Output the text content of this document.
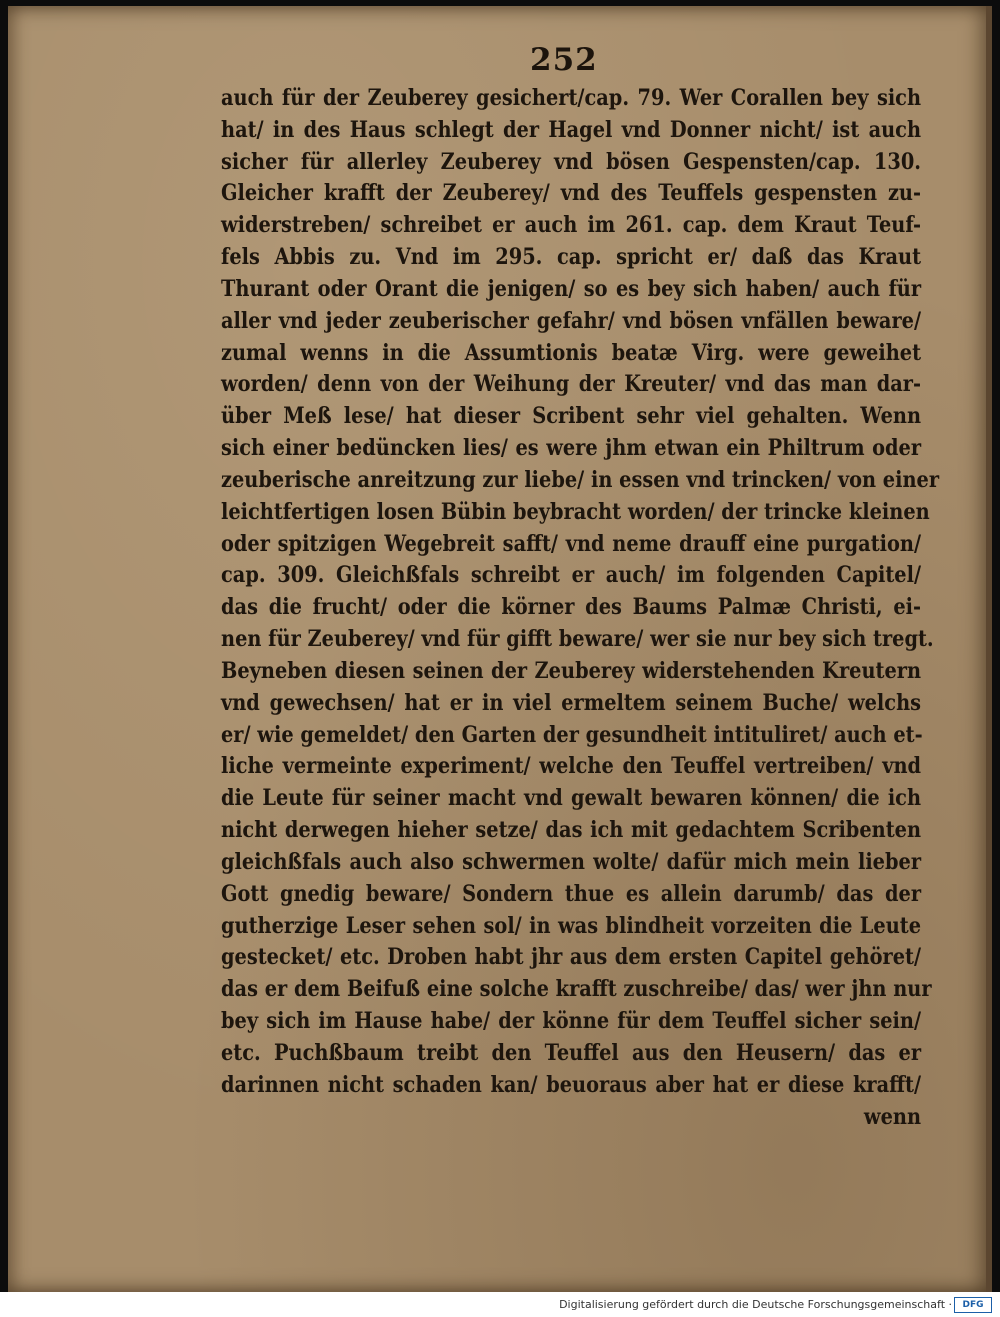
252
auch für der Zeuberey gesichert/cap. 79. Wer Corallen bey sich
hat/ in des Haus schlegt der Hagel vnd Donner nicht/ ist auch
sicher für allerley Zeuberey vnd bösen Gespensten/cap. 130.
Gleicher krafft der Zeuberey/ vnd des Teuffels gespensten zu-
widerstreben/ schreibet er auch im 261. cap. dem Kraut Teuf-
fels Abbis zu. Vnd im 295. cap. spricht er/ daß das Kraut
Thurant oder Orant die jenigen/ so es bey sich haben/ auch für
aller vnd jeder zeuberischer gefahr/ vnd bösen vnfällen beware/
zumal wenns in die Assumtionis beatæ Virg. were geweihet
worden/ denn von der Weihung der Kreuter/ vnd das man dar-
über Meß lese/ hat dieser Scribent sehr viel gehalten. Wenn
sich einer bedüncken lies/ es were jhm etwan ein Philtrum oder
zeuberische anreitzung zur liebe/ in essen vnd trincken/ von einer
leichtfertigen losen Bübin beybracht worden/ der trincke kleinen
oder spitzigen Wegebreit safft/ vnd neme drauff eine purgation/
cap. 309. Gleichßfals schreibt er auch/ im folgenden Capitel/
das die frucht/ oder die körner des Baums Palmæ Christi, ei-
nen für Zeuberey/ vnd für gifft beware/ wer sie nur bey sich tregt.
Beyneben diesen seinen der Zeuberey widerstehenden Kreutern
vnd gewechsen/ hat er in viel ermeltem seinem Buche/ welchs
er/ wie gemeldet/ den Garten der gesundheit intituliret/ auch et-
liche vermeinte experiment/ welche den Teuffel vertreiben/ vnd
die Leute für seiner macht vnd gewalt bewaren können/ die ich
nicht derwegen hieher setze/ das ich mit gedachtem Scribenten
gleichßfals auch also schwermen wolte/ dafür mich mein lieber
Gott gnedig beware/ Sondern thue es allein darumb/ das der
gutherzige Leser sehen sol/ in was blindheit vorzeiten die Leute
gestecket/ etc. Droben habt jhr aus dem ersten Capitel gehöret/
das er dem Beifuß eine solche krafft zuschreibe/ das/ wer jhn nur
bey sich im Hause habe/ der könne für dem Teuffel sicher sein/
etc. Puchßbaum treibt den Teuffel aus den Heusern/ das er
darinnen nicht schaden kan/ beuoraus aber hat er diese krafft/
wenn
Digitalisierung gefördert durch die Deutsche Forschungsgemeinschaft ·	DFG
